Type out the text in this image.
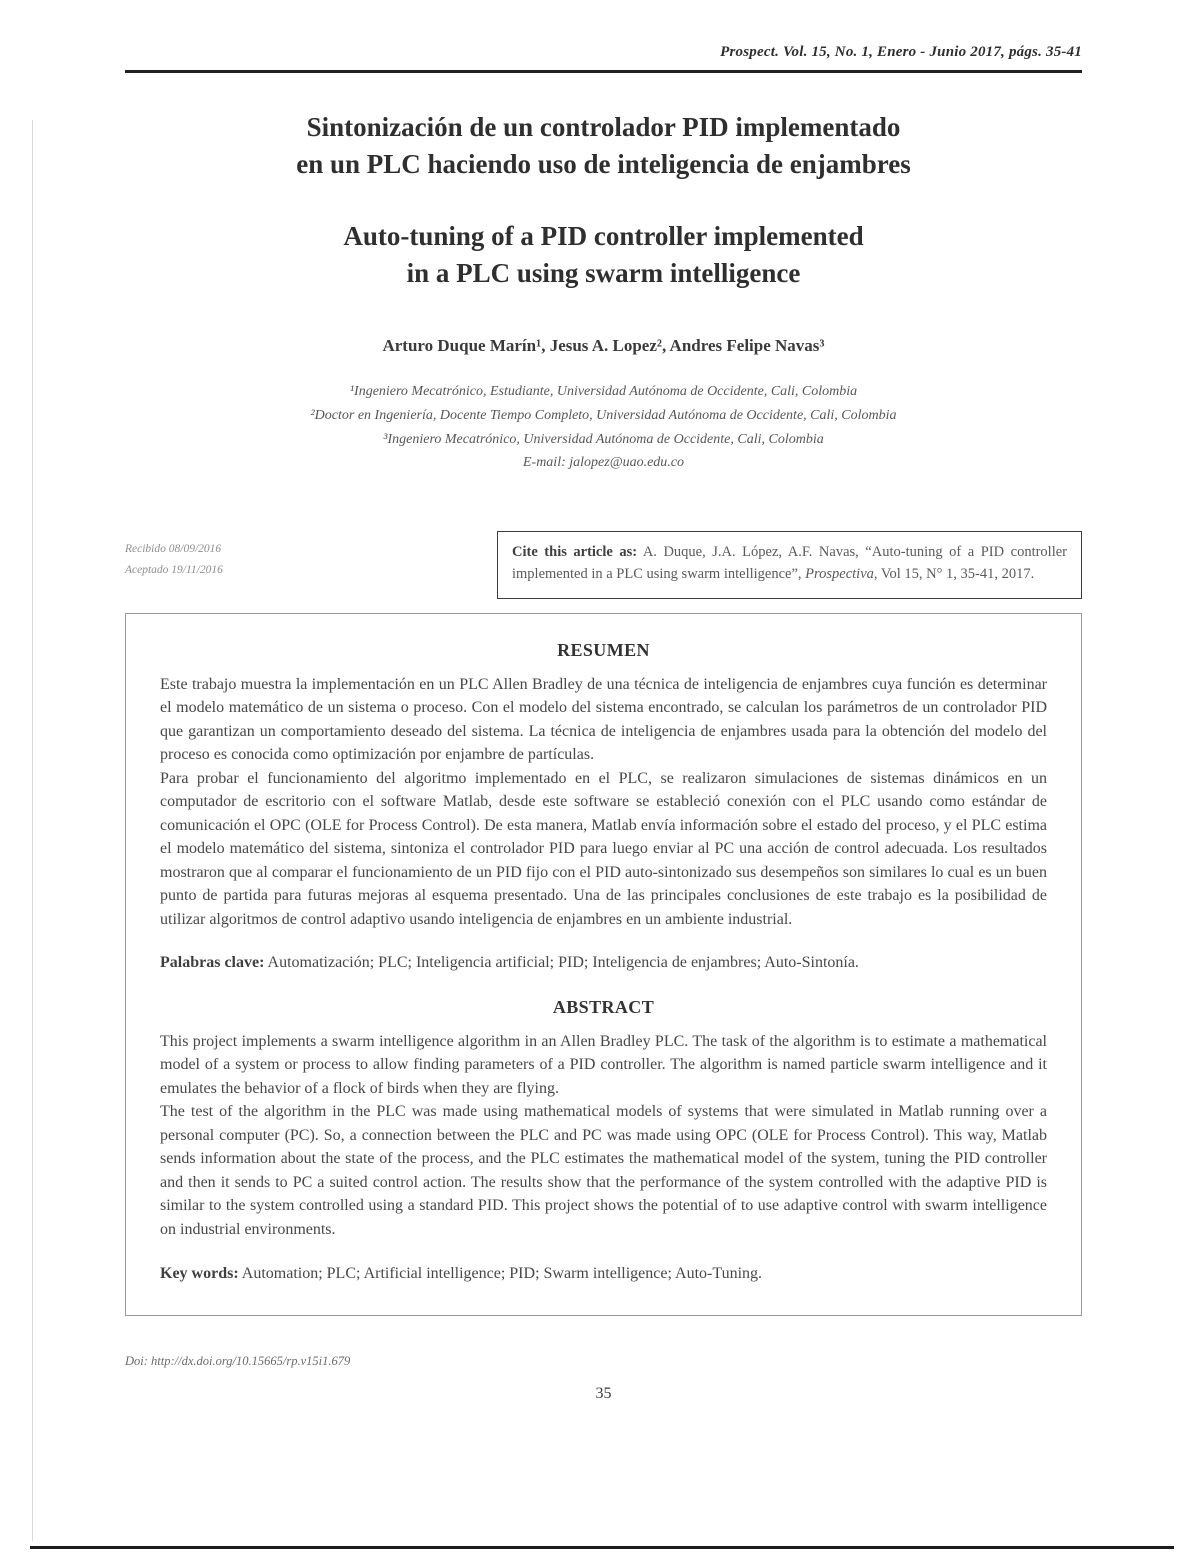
Prospect. Vol. 15, No. 1, Enero - Junio 2017, págs. 35-41
Sintonización de un controlador PID implementado
en un PLC haciendo uso de inteligencia de enjambres
Auto-tuning of a PID controller implemented
in a PLC using swarm intelligence
Arturo Duque Marín¹, Jesus A. Lopez², Andres Felipe Navas³
¹Ingeniero Mecatrónico, Estudiante, Universidad Autónoma de Occidente, Cali, Colombia
²Doctor en Ingeniería, Docente Tiempo Completo, Universidad Autónoma de Occidente, Cali, Colombia
³Ingeniero Mecatrónico, Universidad Autónoma de Occidente, Cali, Colombia
E-mail: jalopez@uao.edu.co
Recibido 08/09/2016
Aceptado 19/11/2016
Cite this article as: A. Duque, J.A. López, A.F. Navas, “Auto-tuning of a PID controller implemented in a PLC using swarm intelligence”, Prospectiva, Vol 15, N° 1, 35-41, 2017.
RESUMEN

Este trabajo muestra la implementación en un PLC Allen Bradley de una técnica de inteligencia de enjambres cuya función es determinar el modelo matemático de un sistema o proceso. Con el modelo del sistema encontrado, se calculan los parámetros de un controlador PID que garantizan un comportamiento deseado del sistema. La técnica de inteligencia de enjambres usada para la obtención del modelo del proceso es conocida como optimización por enjambre de partículas.

Para probar el funcionamiento del algoritmo implementado en el PLC, se realizaron simulaciones de sistemas dinámicos en un computador de escritorio con el software Matlab, desde este software se estableció conexión con el PLC usando como estándar de comunicación el OPC (OLE for Process Control). De esta manera, Matlab envía información sobre el estado del proceso, y el PLC estima el modelo matemático del sistema, sintoniza el controlador PID para luego enviar al PC una acción de control adecuada. Los resultados mostraron que al comparar el funcionamiento de un PID fijo con el PID auto-sintonizado sus desempeños son similares lo cual es un buen punto de partida para futuras mejoras al esquema presentado. Una de las principales conclusiones de este trabajo es la posibilidad de utilizar algoritmos de control adaptivo usando inteligencia de enjambres en un ambiente industrial.

Palabras clave: Automatización; PLC; Inteligencia artificial; PID; Inteligencia de enjambres; Auto-Sintonía.

ABSTRACT

This project implements a swarm intelligence algorithm in an Allen Bradley PLC. The task of the algorithm is to estimate a mathematical model of a system or process to allow finding parameters of a PID controller. The algorithm is named particle swarm intelligence and it emulates the behavior of a flock of birds when they are flying.

The test of the algorithm in the PLC was made using mathematical models of systems that were simulated in Matlab running over a personal computer (PC). So, a connection between the PLC and PC was made using OPC (OLE for Process Control). This way, Matlab sends information about the state of the process, and the PLC estimates the mathematical model of the system, tuning the PID controller and then it sends to PC a suited control action. The results show that the performance of the system controlled with the adaptive PID is similar to the system controlled using a standard PID. This project shows the potential of to use adaptive control with swarm intelligence on industrial environments.

Key words: Automation; PLC; Artificial intelligence; PID; Swarm intelligence; Auto-Tuning.

Doi: http://dx.doi.org/10.15665/rp.v15i1.679
35
